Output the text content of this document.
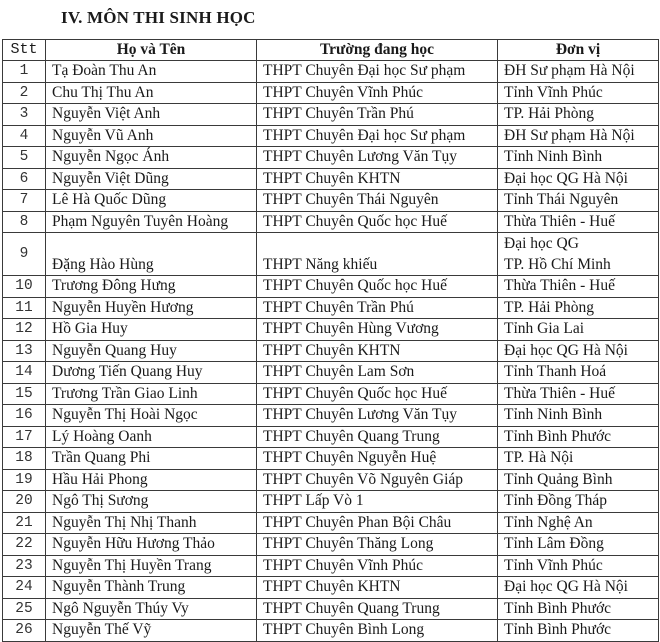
IV. MÔN THI SINH HỌC
Stt	Họ và Tên	Trường đang học	Đơn vị
1	Tạ Đoàn Thu An	THPT Chuyên Đại học Sư phạm	ĐH Sư phạm Hà Nội
2	Chu Thị Thu An	THPT Chuyên Vĩnh Phúc	Tỉnh Vĩnh Phúc
3	Nguyễn Việt Anh	THPT Chuyên Trần Phú	TP. Hải Phòng
4	Nguyễn Vũ Anh	THPT Chuyên Đại học Sư phạm	ĐH Sư phạm Hà Nội
5	Nguyễn Ngọc Ánh	THPT Chuyên Lương Văn Tụy	Tỉnh Ninh Bình
6	Nguyễn Việt Dũng	THPT Chuyên KHTN	Đại học QG Hà Nội
7	Lê Hà Quốc Dũng	THPT Chuyên Thái Nguyên	Tỉnh Thái Nguyên
8	Phạm Nguyên Tuyên Hoàng	THPT Chuyên Quốc học Huế	Thừa Thiên - Huế
9	Đặng Hào Hùng	THPT Năng khiếu	Đại học QG
TP. Hồ Chí Minh

10	Trương Đông Hưng	THPT Chuyên Quốc học Huế	Thừa Thiên - Huế
11	Nguyễn Huyền Hương	THPT Chuyên Trần Phú	TP. Hải Phòng
12	Hồ Gia Huy	THPT Chuyên Hùng Vương	Tỉnh Gia Lai
13	Nguyễn Quang Huy	THPT Chuyên KHTN	Đại học QG Hà Nội
14	Dương Tiến Quang Huy	THPT Chuyên Lam Sơn	Tỉnh Thanh Hoá
15	Trương Trần Giao Linh	THPT Chuyên Quốc học Huế	Thừa Thiên - Huế
16	Nguyễn Thị Hoài Ngọc	THPT Chuyên Lương Văn Tụy	Tỉnh Ninh Bình
17	Lý Hoàng Oanh	THPT Chuyên Quang Trung	Tỉnh Bình Phước
18	Trần Quang Phi	THPT Chuyên Nguyễn Huệ	TP. Hà Nội
19	Hầu Hải Phong	THPT Chuyên Võ Nguyên Giáp	Tỉnh Quảng Bình
20	Ngô Thị Sương	THPT Lấp Vò 1	Tỉnh Đồng Tháp
21	Nguyễn Thị Nhị Thanh	THPT Chuyên Phan Bội Châu	Tỉnh Nghệ An
22	Nguyễn Hữu Hương Thảo	THPT Chuyên Thăng Long	Tỉnh Lâm Đồng
23	Nguyễn Thị Huyền Trang	THPT Chuyên Vĩnh Phúc	Tỉnh Vĩnh Phúc
24	Nguyễn Thành Trung	THPT Chuyên KHTN	Đại học QG Hà Nội
25	Ngô Nguyễn Thúy Vy	THPT Chuyên Quang Trung	Tỉnh Bình Phước
26	Nguyễn Thế Vỹ	THPT Chuyên Bình Long	Tỉnh Bình Phước
